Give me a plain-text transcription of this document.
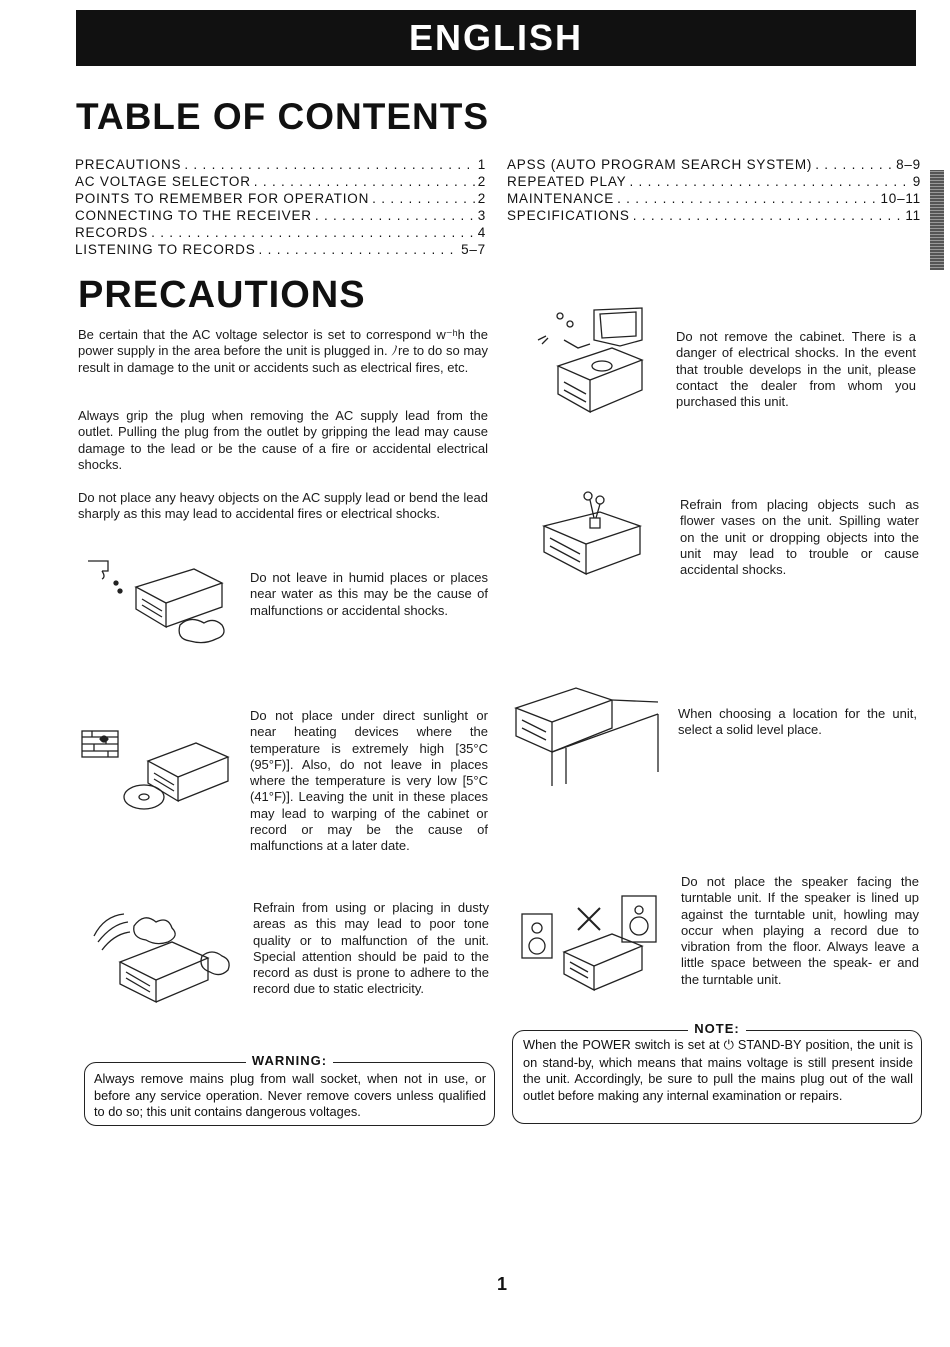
ENGLISH
TABLE OF CONTENTS
PRECAUTIONS . . .	1
AC VOLTAGE SELECTOR . . .	2
POINTS TO REMEMBER FOR OPERATION . . .	2
CONNECTING TO THE RECEIVER . . .	3
RECORDS . . .	4
LISTENING TO RECORDS . . .	5–7
APSS (AUTO PROGRAM SEARCH SYSTEM) . . .	8–9
REPEATED PLAY . . .	9
MAINTENANCE . . .	10–11
SPECIFICATIONS . . .	11
PRECAUTIONS
Be certain that the AC voltage selector is set to correspond w⁻ʰh the power supply in the area before the unit is plugged in. ﾉre to do so may result in damage to the unit or accidents such as electrical fires, etc.
Always grip the plug when removing the AC supply lead from the outlet. Pulling the plug from the outlet by gripping the lead may cause damage to the lead or be the cause of a fire or accidental electrical shocks.
Do not place any heavy objects on the AC supply lead or bend the lead sharply as this may lead to accidental fires or electrical shocks.
Do not leave in humid places or places near water as this may be the cause of malfunctions or accidental shocks.
Do not place under direct sunlight or near heating devices where the temperature is extremely high [35°C (95°F)]. Also, do not leave in places where the temperature is very low [5°C (41°F)]. Leaving the unit in these places may lead to warping of the cabinet or record or may be the cause of malfunctions at a later date.
Refrain from using or placing in dusty areas as this may lead to poor tone quality or to malfunction of the unit. Special attention should be paid to the record as dust is prone to adhere to the record due to static electricity.
Do not remove the cabinet. There is a danger of electrical shocks. In the event that trouble develops in the unit, please contact the dealer from whom you purchased this unit.
Refrain from placing objects such as flower vases on the unit. Spilling water on the unit or dropping objects into the unit may lead to trouble or cause accidental shocks.
When choosing a location for the unit, select a solid level place.
Do not place the speaker facing the turntable unit. If the speaker is lined up against the turntable unit, howling may occur when playing a record due to vibration from the floor. Always leave a little space between the speak- er and the turntable unit.
WARNING:
Always remove mains plug from wall socket, when not in use, or before any service operation. Never remove covers unless qualified to do so; this unit contains dangerous voltages.
NOTE:
When the POWER switch is set at ⏻ STAND-BY position, the unit is on stand-by, which means that mains voltage is still present inside the unit. Accordingly, be sure to pull the mains plug out of the wall outlet before making any internal examination or repairs.
1
